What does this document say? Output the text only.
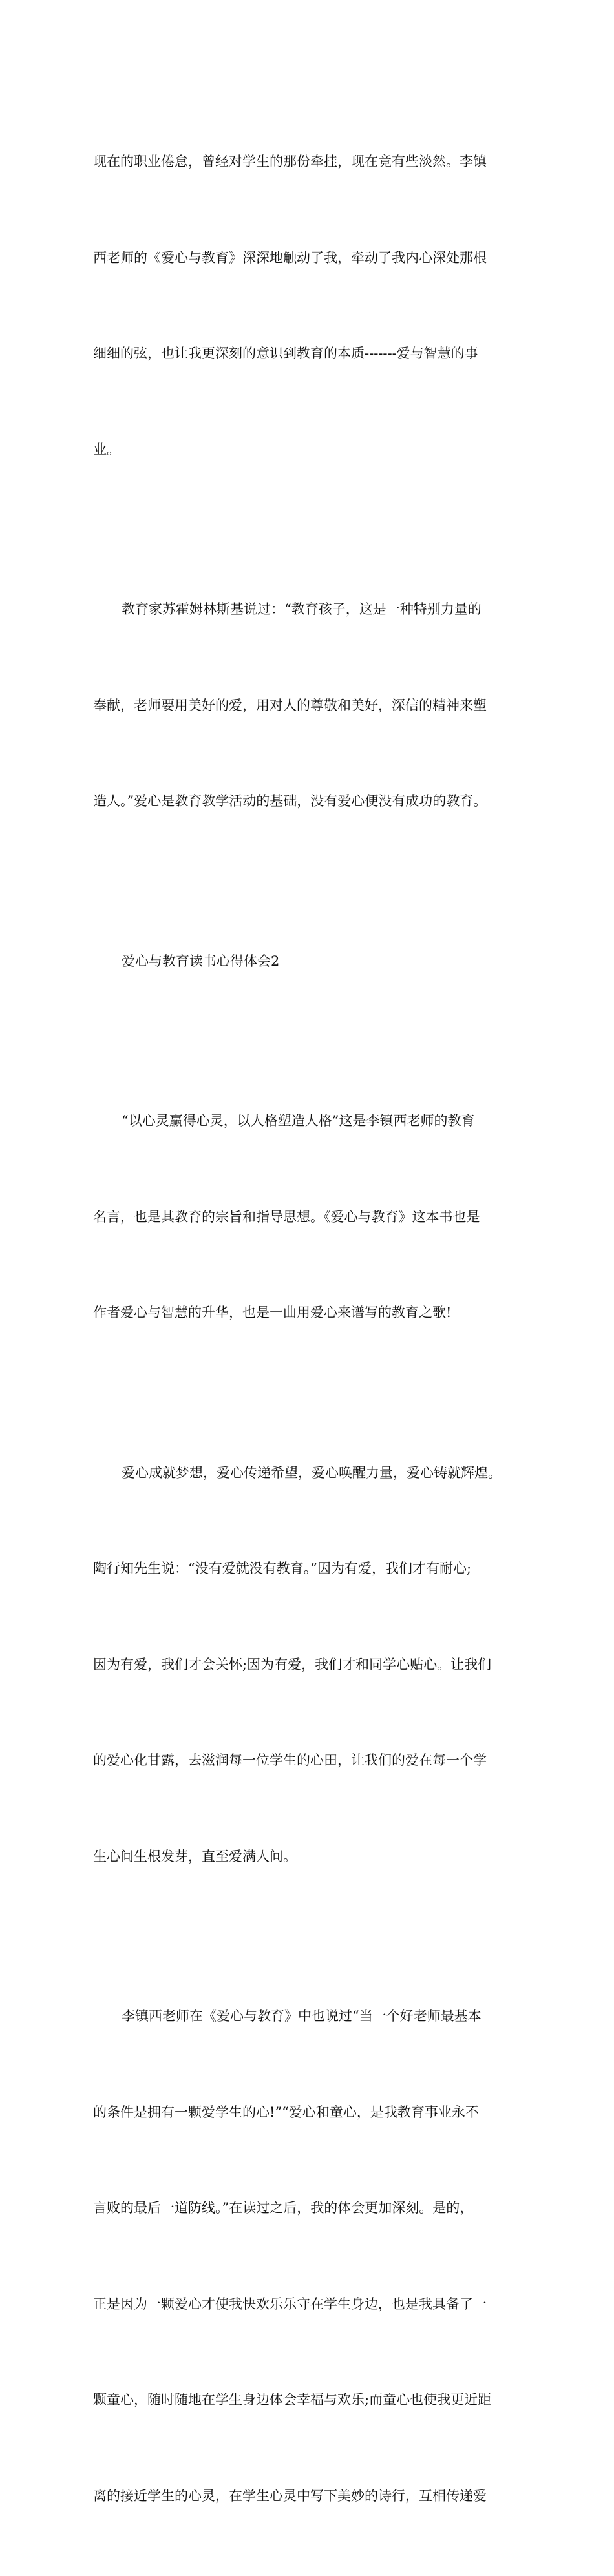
现在的职业倦怠，曾经对学生的那份牵挂，现在竟有些淡然。李镇

西老师的《爱心与教育》深深地触动了我，牵动了我内心深处那根

细细的弦，也让我更深刻的意识到教育的本质-------爱与智慧的事

业。

教育家苏霍姆林斯基说过：“教育孩子，这是一种特别力量的

奉献，老师要用美好的爱，用对人的尊敬和美好，深信的精神来塑

造人。”爱心是教育教学活动的基础，没有爱心便没有成功的教育。

爱心与教育读书心得体会2

“以心灵赢得心灵，以人格塑造人格”这是李镇西老师的教育

名言，也是其教育的宗旨和指导思想。《爱心与教育》这本书也是

作者爱心与智慧的升华，也是一曲用爱心来谱写的教育之歌!

爱心成就梦想，爱心传递希望，爱心唤醒力量，爱心铸就辉煌。

陶行知先生说：“没有爱就没有教育。”因为有爱，我们才有耐心;

因为有爱，我们才会关怀;因为有爱，我们才和同学心贴心。让我们

的爱心化甘露，去滋润每一位学生的心田，让我们的爱在每一个学

生心间生根发芽，直至爱满人间。

李镇西老师在《爱心与教育》中也说过“当一个好老师最基本

的条件是拥有一颗爱学生的心!”“爱心和童心，是我教育事业永不

言败的最后一道防线。”在读过之后，我的体会更加深刻。是的，

正是因为一颗爱心才使我快欢乐乐守在学生身边，也是我具备了一

颗童心，随时随地在学生身边体会幸福与欢乐;而童心也使我更近距

离的接近学生的心灵，在学生心灵中写下美妙的诗行，互相传递爱
